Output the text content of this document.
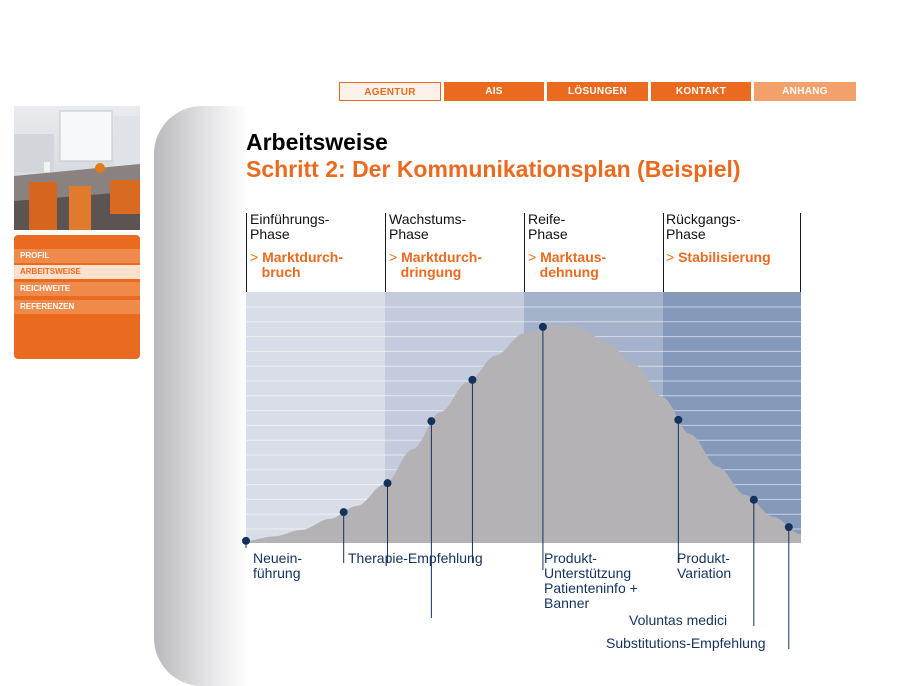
AGENTUR	AIS	LÖSUNGEN	KONTAKT	ANHANG
PROFIL
ARBEITSWEISE
REICHWEITE
REFERENZEN
Arbeitsweise
Schritt 2: Der Kommunikationsplan (Beispiel)
Einführungs-
Phase
Wachstums-
Phase
Reife-
Phase
Rückgangs-
Phase
> Marktdurch-
bruch
> Marktdurch-
dringung
> Marktaus-
dehnung
> Stabilisierung
Neuein-
führung
Therapie-Empfehlung	Produkt-
Unterstützung
Patienteninfo +
Banner
Produkt-
Variation
Voluntas medici
Substitutions-Empfehlung
